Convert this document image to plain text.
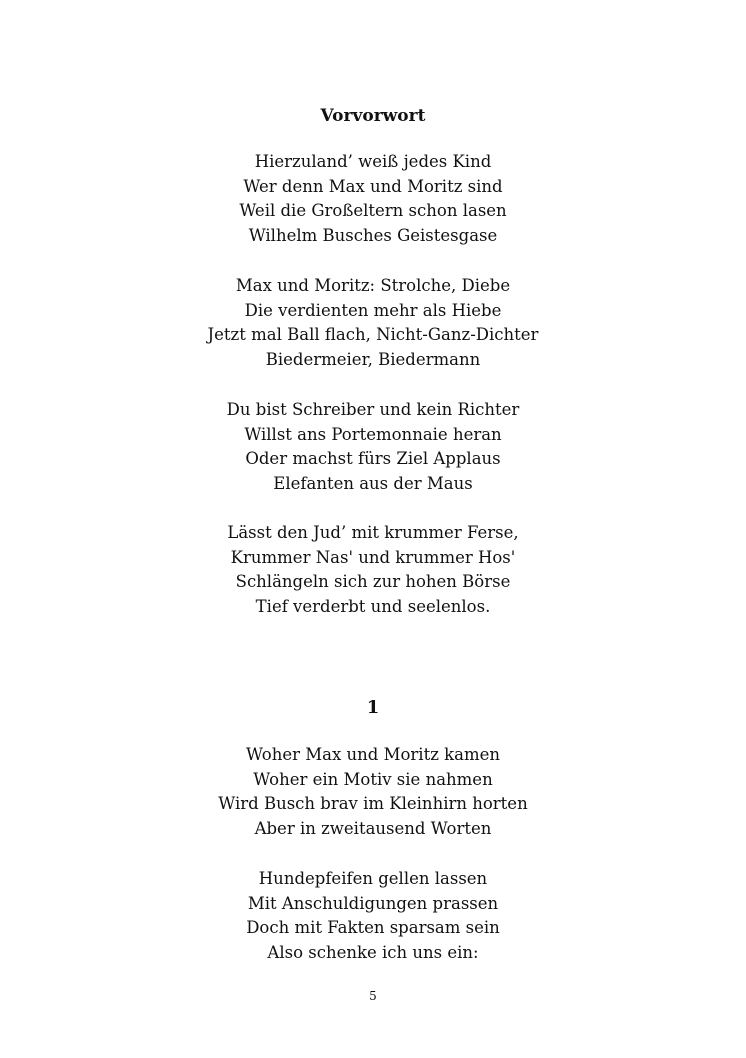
Vorvorwort
Hierzuland’ weiß jedes Kind
Wer denn Max und Moritz sind
Weil die Großeltern schon lasen
Wilhelm Busches Geistesgase
Max und Moritz: Strolche, Diebe
Die verdienten mehr als Hiebe
Jetzt mal Ball flach, Nicht-Ganz-Dichter
Biedermeier, Biedermann
Du bist Schreiber und kein Richter
Willst ans Portemonnaie heran
Oder machst fürs Ziel Applaus
Elefanten aus der Maus
Lässt den Jud’ mit krummer Ferse,
Krummer Nas' und krummer Hos'
Schlängeln sich zur hohen Börse
Tief verderbt und seelenlos.
1
Woher Max und Moritz kamen
Woher ein Motiv sie nahmen
Wird Busch brav im Kleinhirn horten
Aber in zweitausend Worten
Hundepfeifen gellen lassen
Mit Anschuldigungen prassen
Doch mit Fakten sparsam sein
Also schenke ich uns ein:
5
